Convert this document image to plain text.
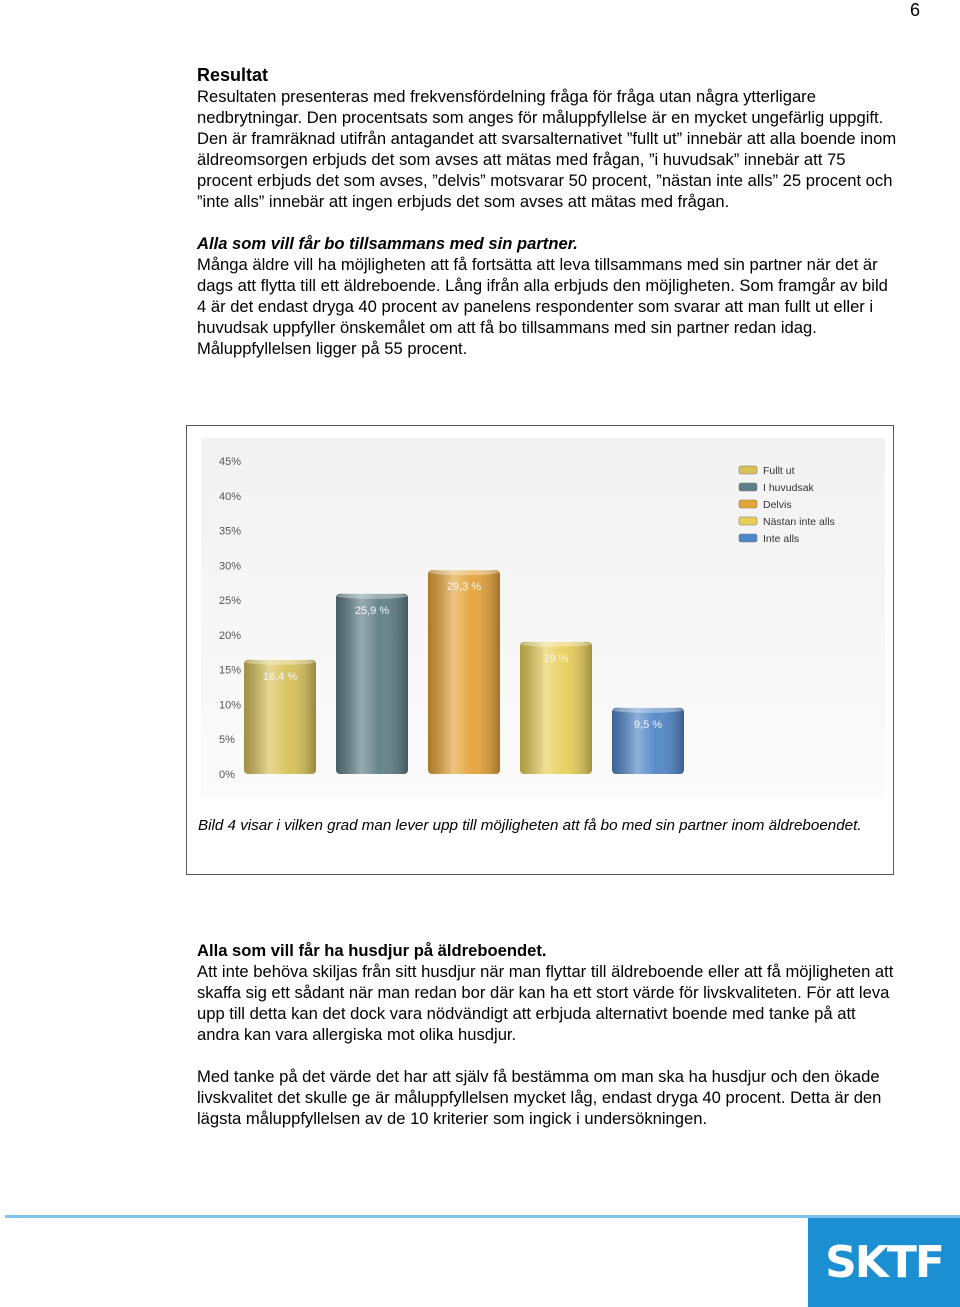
6

Resultat

Resultaten presenteras med frekvensfördelning fråga för fråga utan några ytterligare nedbrytningar. Den procentsats som anges för måluppfyllelse är en mycket ungefärlig uppgift. Den är framräknad utifrån antagandet att svarsalternativet ”fullt ut” innebär att alla boende inom äldreomsorgen erbjuds det som avses att mätas med frågan, ”i huvudsak” innebär att 75 procent erbjuds det som avses, ”delvis” motsvarar 50 procent, ”nästan inte alls” 25 procent och ”inte alls” innebär att ingen erbjuds det som avses att mätas med frågan.

Alla som vill får bo tillsammans med sin partner.

Många äldre vill ha möjligheten att få fortsätta att leva tillsammans med sin partner när det är dags att flytta till ett äldreboende. Lång ifrån alla erbjuds den möjligheten. Som framgår av bild 4 är det endast dryga 40 procent av panelens respondenter som svarar att man fullt ut eller i huvudsak uppfyller önskemålet om att få bo tillsammans med sin partner redan idag. Måluppfyllelsen ligger på 55 procent.

0%
5%
10%
15%
20%
25%
30%
35%
40%
45%
16,4 %
25,9 %
29,3 %
19 %
9,5 %
Fullt ut
I huvudsak
Delvis
Nästan inte alls
Inte alls
Bild 4 visar i vilken grad man lever upp till möjligheten att få bo med sin partner inom äldreboendet.

Alla som vill får ha husdjur på äldreboendet.

Att inte behöva skiljas från sitt husdjur när man flyttar till äldreboende eller att få möjligheten att skaffa sig ett sådant när man redan bor där kan ha ett stort värde för livskvaliteten. För att leva upp till detta kan det dock vara nödvändigt att erbjuda alternativt boende med tanke på att andra kan vara allergiska mot olika husdjur.

Med tanke på det värde det har att själv få bestämma om man ska ha husdjur och den ökade livskvalitet det skulle ge är måluppfyllelsen mycket låg, endast dryga 40 procent. Detta är den lägsta måluppfyllelsen av de 10 kriterier som ingick i undersökningen.

SKTF
